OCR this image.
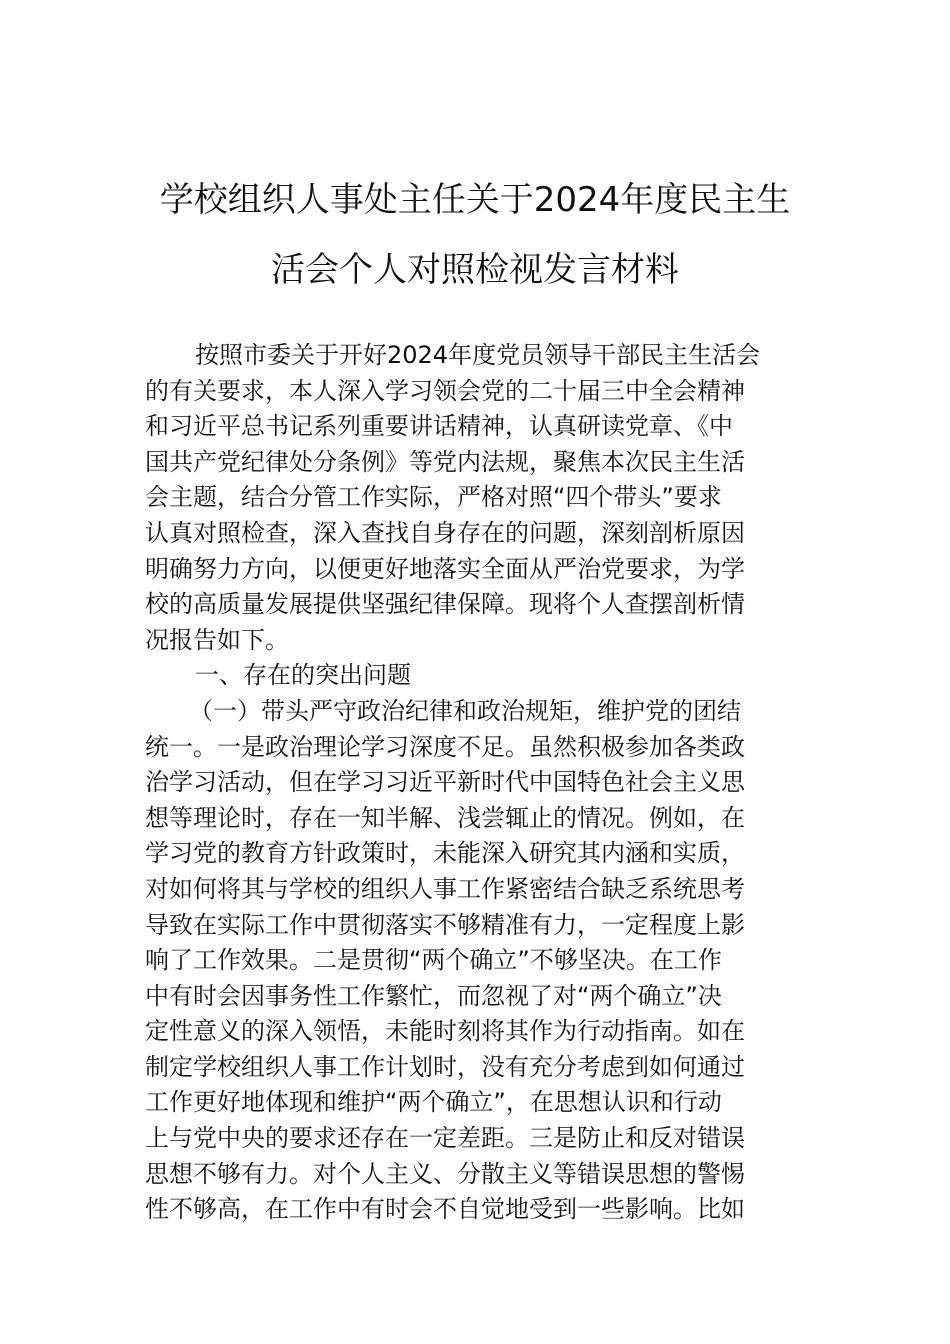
学校组织人事处主任关于2024年度民主生
活会个人对照检视发言材料
按照市委关于开好2024年度党员领导干部民主生活会
的有关要求，本人深入学习领会党的二十届三中全会精神
和习近平总书记系列重要讲话精神，认真研读党章、《中
国共产党纪律处分条例》等党内法规，聚焦本次民主生活
会主题，结合分管工作实际，严格对照“四个带头”要求
认真对照检查，深入查找自身存在的问题，深刻剖析原因
明确努力方向，以便更好地落实全面从严治党要求，为学
校的高质量发展提供坚强纪律保障。现将个人查摆剖析情
况报告如下。
一、存在的突出问题
（一）带头严守政治纪律和政治规矩，维护党的团结
统一。一是政治理论学习深度不足。虽然积极参加各类政
治学习活动，但在学习习近平新时代中国特色社会主义思
想等理论时，存在一知半解、浅尝辄止的情况。例如，在
学习党的教育方针政策时，未能深入研究其内涵和实质，
对如何将其与学校的组织人事工作紧密结合缺乏系统思考
导致在实际工作中贯彻落实不够精准有力，一定程度上影
响了工作效果。二是贯彻“两个确立”不够坚决。在工作
中有时会因事务性工作繁忙，而忽视了对“两个确立”决
定性意义的深入领悟，未能时刻将其作为行动指南。如在
制定学校组织人事工作计划时，没有充分考虑到如何通过
工作更好地体现和维护“两个确立”，在思想认识和行动
上与党中央的要求还存在一定差距。三是防止和反对错误
思想不够有力。对个人主义、分散主义等错误思想的警惕
性不够高，在工作中有时会不自觉地受到一些影响。比如
